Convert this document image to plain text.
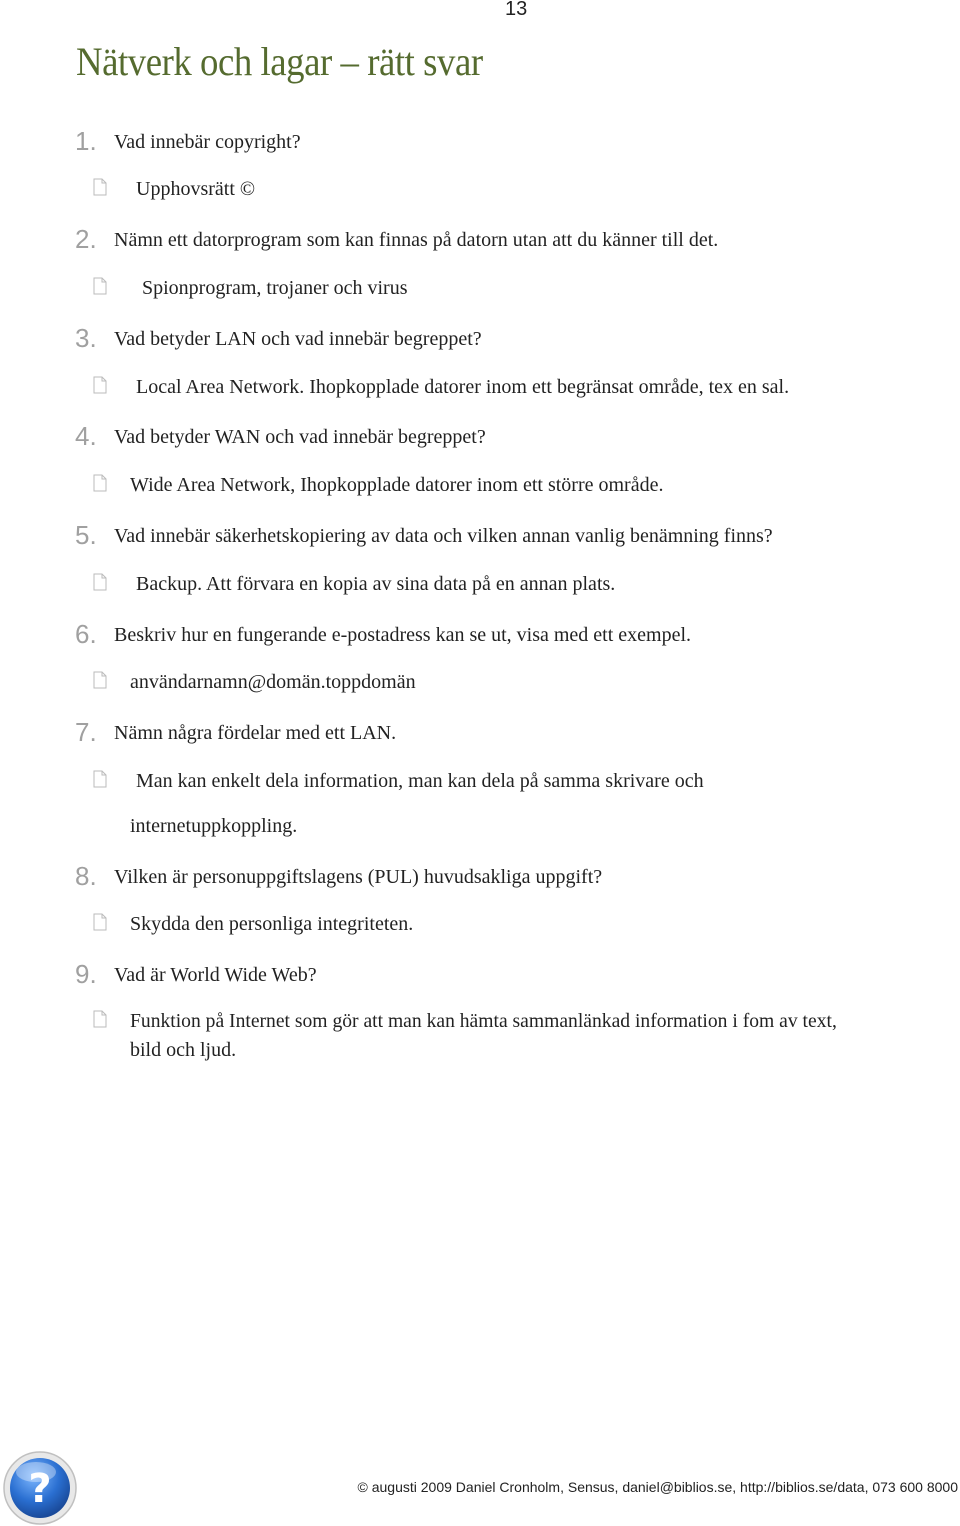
13
Nätverk och lagar – rätt svar
1. Vad innebär copyright?
Upphovsrätt ©
2. Nämn ett datorprogram som kan finnas på datorn utan att du känner till det.
Spionprogram, trojaner och virus
3. Vad betyder LAN och vad innebär begreppet?
Local Area Network. Ihopkopplade datorer inom ett begränsat område, tex en sal.
4. Vad betyder WAN och vad innebär begreppet?
Wide Area Network, Ihopkopplade datorer inom ett större område.
5. Vad innebär säkerhetskopiering av data och vilken annan vanlig benämning finns?
Backup. Att förvara en kopia av sina data på en annan plats.
6. Beskriv hur en fungerande e-postadress kan se ut, visa med ett exempel.
användarnamn@domän.toppdomän
7. Nämn några fördelar med ett LAN.
Man kan enkelt dela information, man kan dela på samma skrivare och
internetuppkoppling.
8. Vilken är personuppgiftslagens (PUL) huvudsakliga uppgift?
Skydda den personliga integriteten.
9. Vad är World Wide Web?
Funktion på Internet som gör att man kan hämta sammanlänkad information i fom av text,
bild och ljud.
?	© augusti 2009 Daniel Cronholm, Sensus, daniel@biblios.se, http://biblios.se/data, 073 600 8000
